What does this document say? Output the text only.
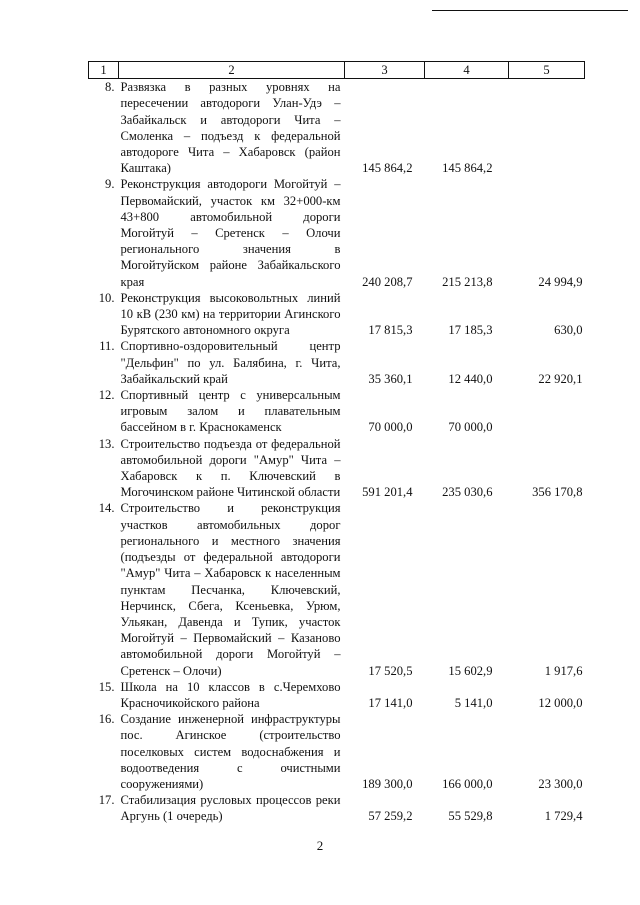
1	2	3	4	5

8.	Развязка в разных уровнях на пересечении автодороги Улан-Удэ – Забайкальск и автодороги Чита – Смоленка – подъезд к федеральной автодороге Чита – Хабаровск (район Каштака)	145 864,2	145 864,2	

9.	Реконструкция автодороги Могойтуй – Первомайский, участок км 32+000-км 43+800 автомобильной дороги Могойтуй – Сретенск – Олочи регионального значения в Могойтуйском районе Забайкальского края	240 208,7	215 213,8	24 994,9

10.	Реконструкция высоковольтных линий 10 кВ (230 км) на территории Агинского Бурятского автономного округа	17 815,3	17 185,3	630,0

11.	Спортивно-оздоровительный центр "Дельфин" по ул. Балябина, г. Чита, Забайкальский край	35 360,1	12 440,0	22 920,1

12.	Спортивный центр с универсальным игровым залом и плавательным бассейном в г. Краснокаменск	70 000,0	70 000,0	

13.	Строительство подъезда от федеральной автомобильной дороги "Амур" Чита – Хабаровск к п. Ключевский в Могочинском районе Читинской области	591 201,4	235 030,6	356 170,8

14.	Строительство и реконструкция участков автомобильных дорог регионального и местного значения (подъезды от федеральной автодороги "Амур" Чита – Хабаровск к населенным пунктам Песчанка, Ключевский, Нерчинск, Сбега, Ксеньевка, Урюм, Ульякан, Давенда и Тупик, участок Могойтуй – Первомайский – Казаново автомобильной дороги Могойтуй – Сретенск – Олочи)	17 520,5	15 602,9	1 917,6

15.	Школа на 10 классов в с.Черемхово Красночикойского района	17 141,0	5 141,0	12 000,0

16.	Создание инженерной инфраструктуры пос. Агинское (строительство поселковых систем водоснабжения и водоотведения с очистными сооружениями)	189 300,0	166 000,0	23 300,0

17.	Стабилизация русловых процессов реки Аргунь (1 очередь)	57 259,2	55 529,8	1 729,4
2
